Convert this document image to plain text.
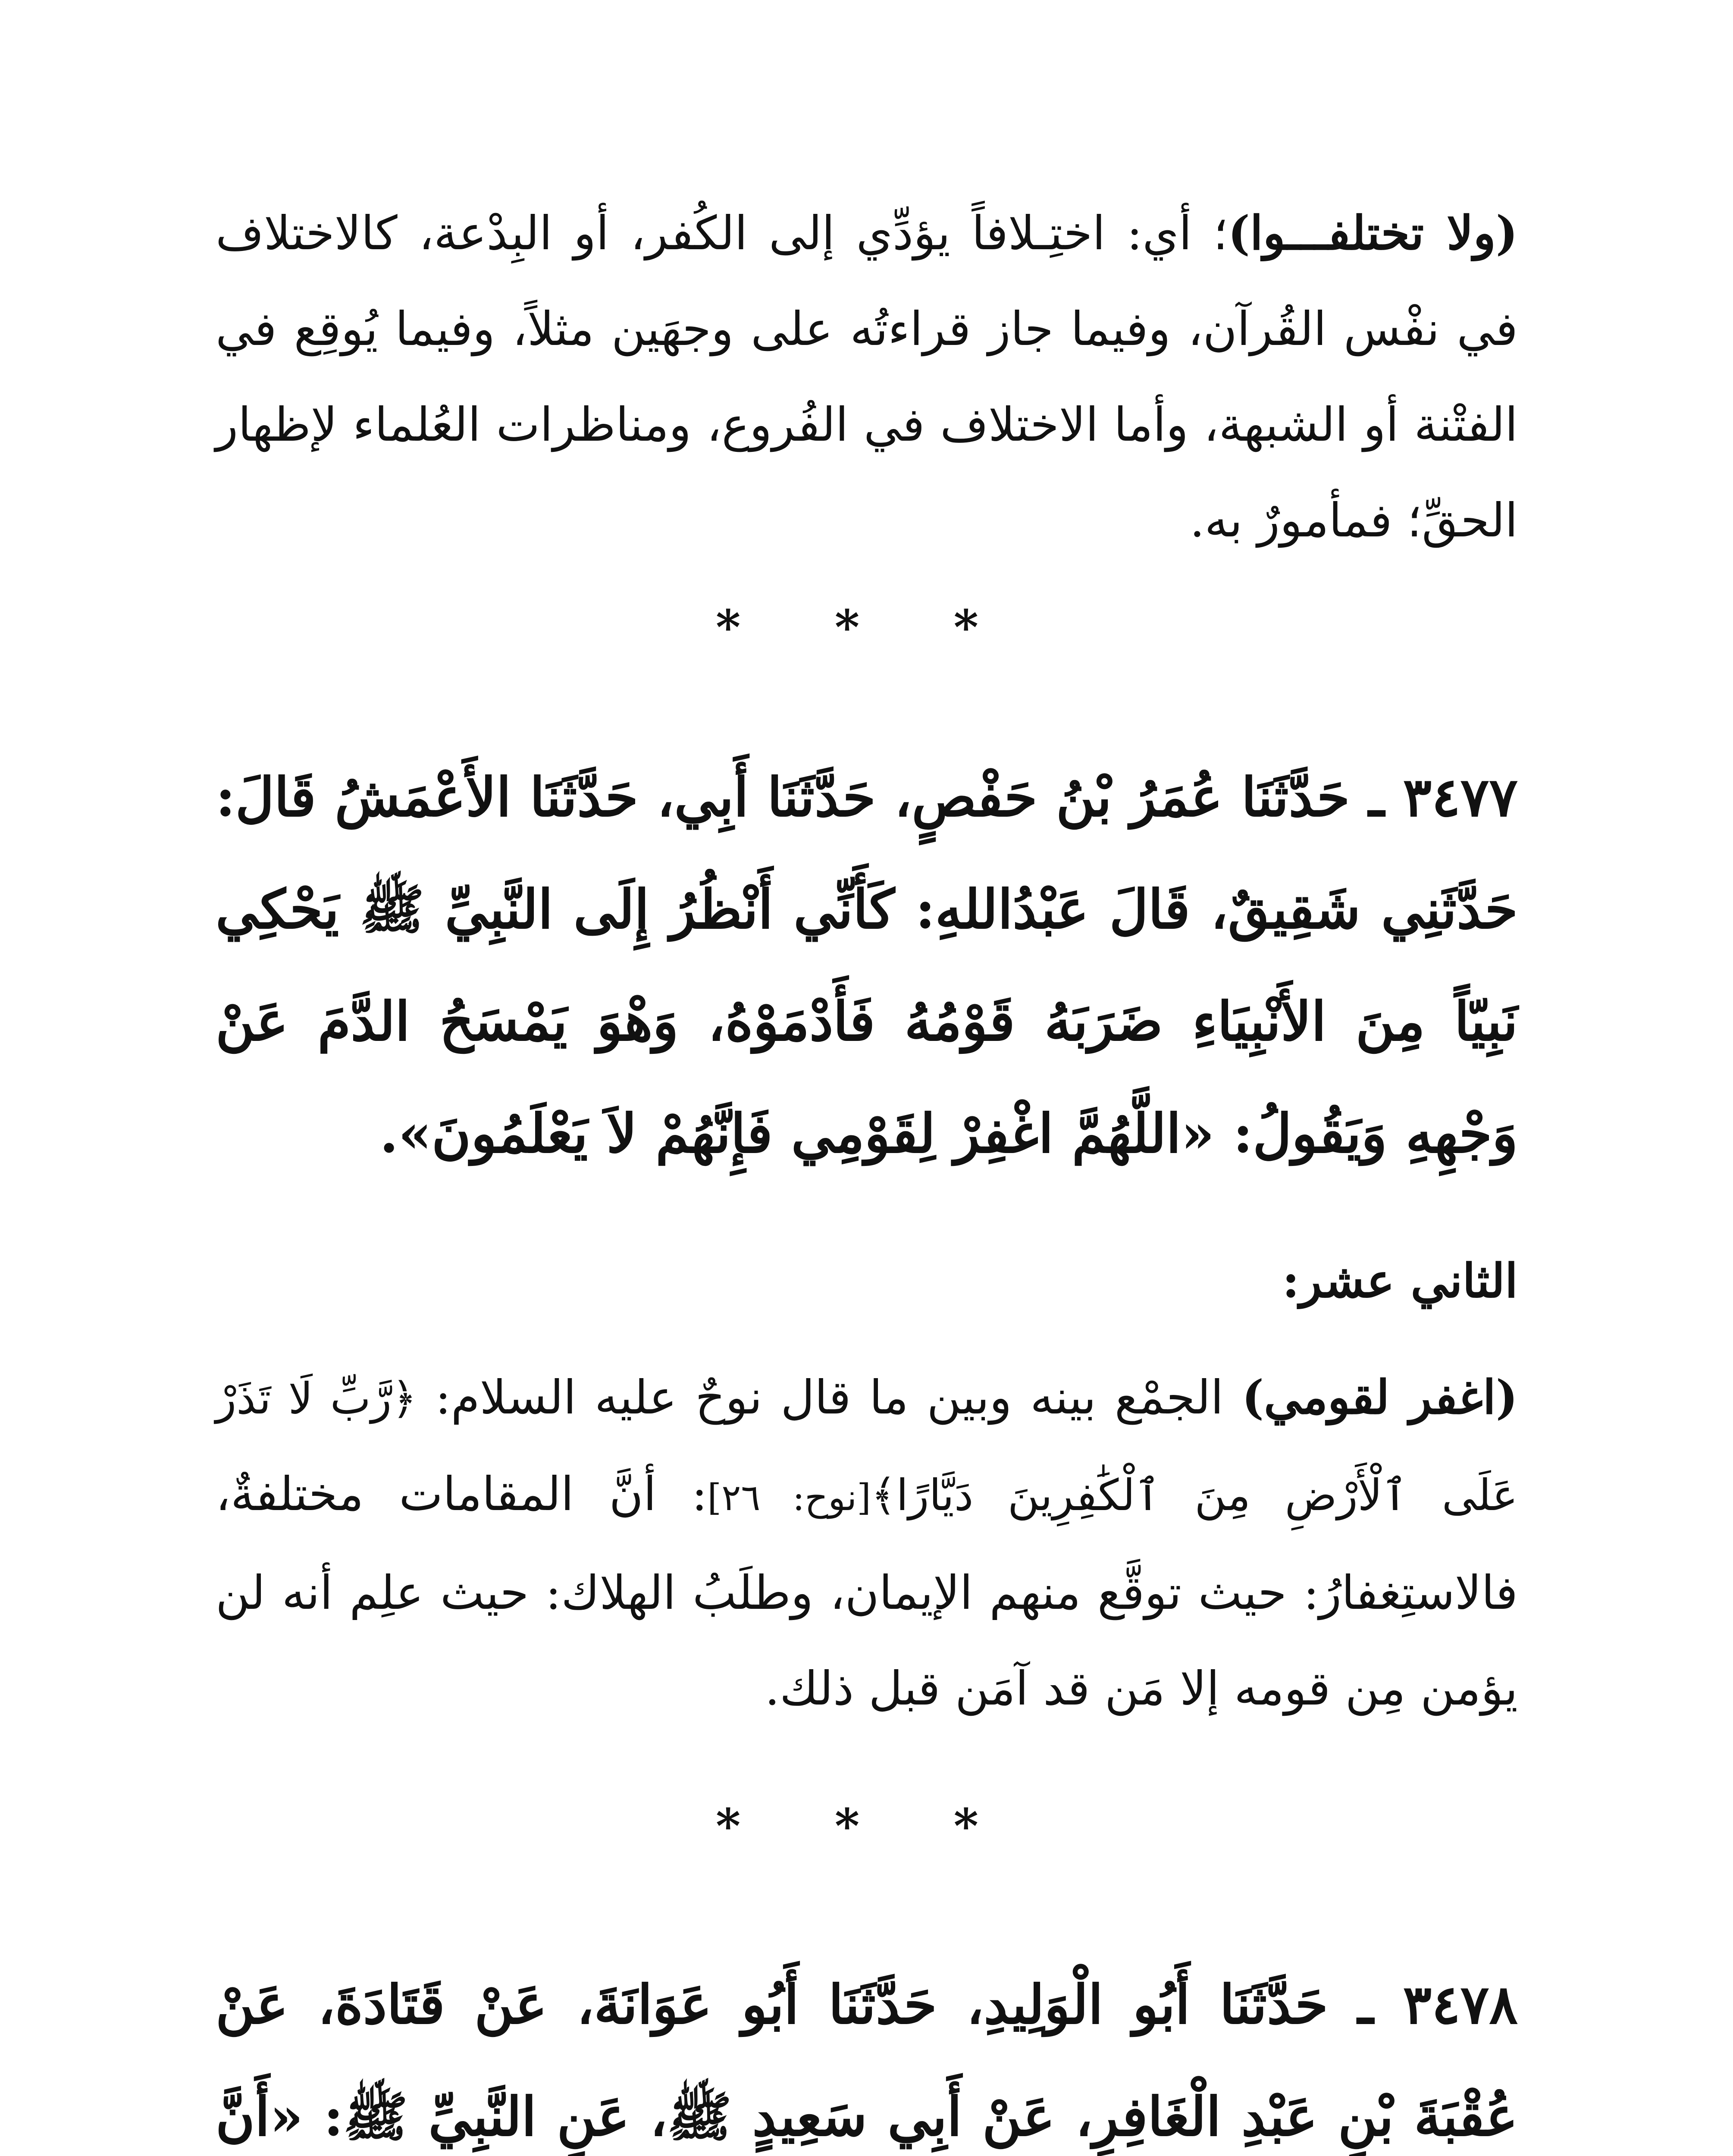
(ولا تختلفـــوا)؛ أي: اختِـلافاً يؤدِّي إلى الكُفر، أو البِدْعة، كالاختلاف في نفْس القُرآن، وفيما جاز قراءتُه على وجهَين مثلاً، وفيما يُوقِع في الفتْنة أو الشبهة، وأما الاختلاف في الفُروع، ومناظرات العُلماء لإظهار الحقِّ؛ فمأمورٌ به.
* * *
٣٤٧٧ ـ حَدَّثَنَا عُمَرُ بْنُ حَفْصٍ، حَدَّثَنَا أَبِي، حَدَّثَنَا الأَعْمَشُ قَالَ: حَدَّثَنِي شَقِيقٌ، قَالَ عَبْدُاللهِ: كَأَنِّي أَنْظُرُ إِلَى النَّبِيِّ ﷺ يَحْكِي نَبِيّاً مِنَ الأَنْبِيَاءِ ضَرَبَهُ قَوْمُهُ فَأَدْمَوْهُ، وَهْوَ يَمْسَحُ الدَّمَ عَنْ وَجْهِهِ وَيَقُولُ: «اللَّهُمَّ اغْفِرْ لِقَوْمِي فَإِنَّهُمْ لاَ يَعْلَمُونَ».
الثاني عشر:
(اغفر لقومي) الجمْع بينه وبين ما قال نوحٌ عليه السلام: ﴿رَّبِّ لَا تَذَرْ عَلَى ٱلْأَرْضِ مِنَ ٱلْكَٰفِرِينَ دَيَّارًا﴾[نوح: ٢٦]: أنَّ المقامات مختلفةٌ، فالاستِغفارُ: حيث توقَّع منهم الإيمان، وطلَبُ الهلاك: حيث علِم أنه لن يؤمن مِن قومه إلا مَن قد آمَن قبل ذلك.
* * *
٣٤٧٨ ـ حَدَّثَنَا أَبُو الْوَلِيدِ، حَدَّثَنَا أَبُو عَوَانَةَ، عَنْ قَتَادَةَ، عَنْ عُقْبَةَ بْنِ عَبْدِ الْغَافِرِ، عَنْ أَبِي سَعِيدٍ ﷺ، عَنِ النَّبِيِّ ﷺ: «أَنَّ
